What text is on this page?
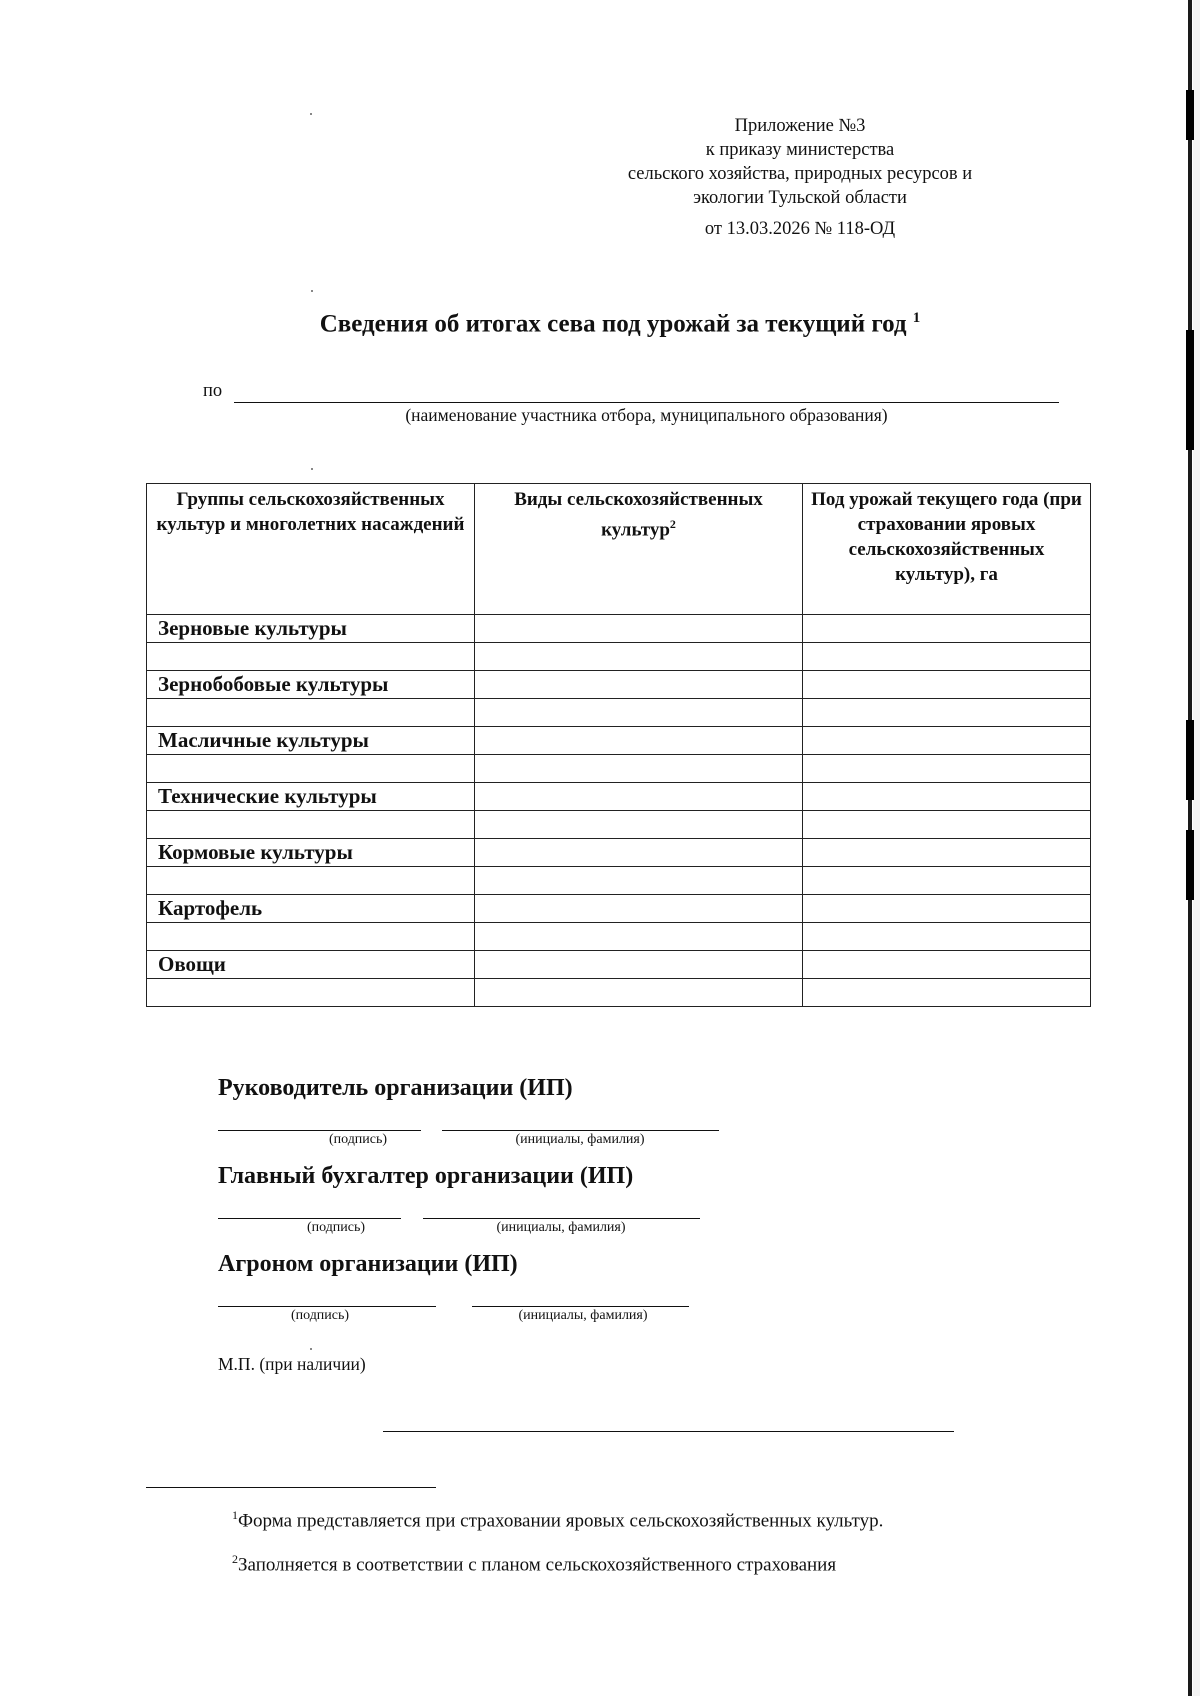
Приложение №3
к приказу министерства
сельского хозяйства, природных ресурсов и
экологии Тульской области
от 13.03.2026 № 118-ОД
Сведения об итогах сева под урожай за текущий год $^1$
по
(наименование участника отбора, муниципального образования)
Группы сельскохозяйственных культур и многолетних насаждений	Виды сельскохозяйственных культур$^2$	Под урожай текущего года (при страховании яровых сельскохозяйственных культур), га
Зерновые культуры		

Зернобобовые культуры		

Масличные культуры		

Технические культуры		

Кормовые культуры		

Картофель		

Овощи		

Руководитель организации (ИП)
(подпись)	(инициалы, фамилия)
Главный бухгалтер организации (ИП)
(подпись)	(инициалы, фамилия)
Агроном организации (ИП)
(подпись)	(инициалы, фамилия)
М.П. (при наличии)
$^1$Форма представляется при страховании яровых сельскохозяйственных культур.
$^2$Заполняется в соответствии с планом сельскохозяйственного страхования
